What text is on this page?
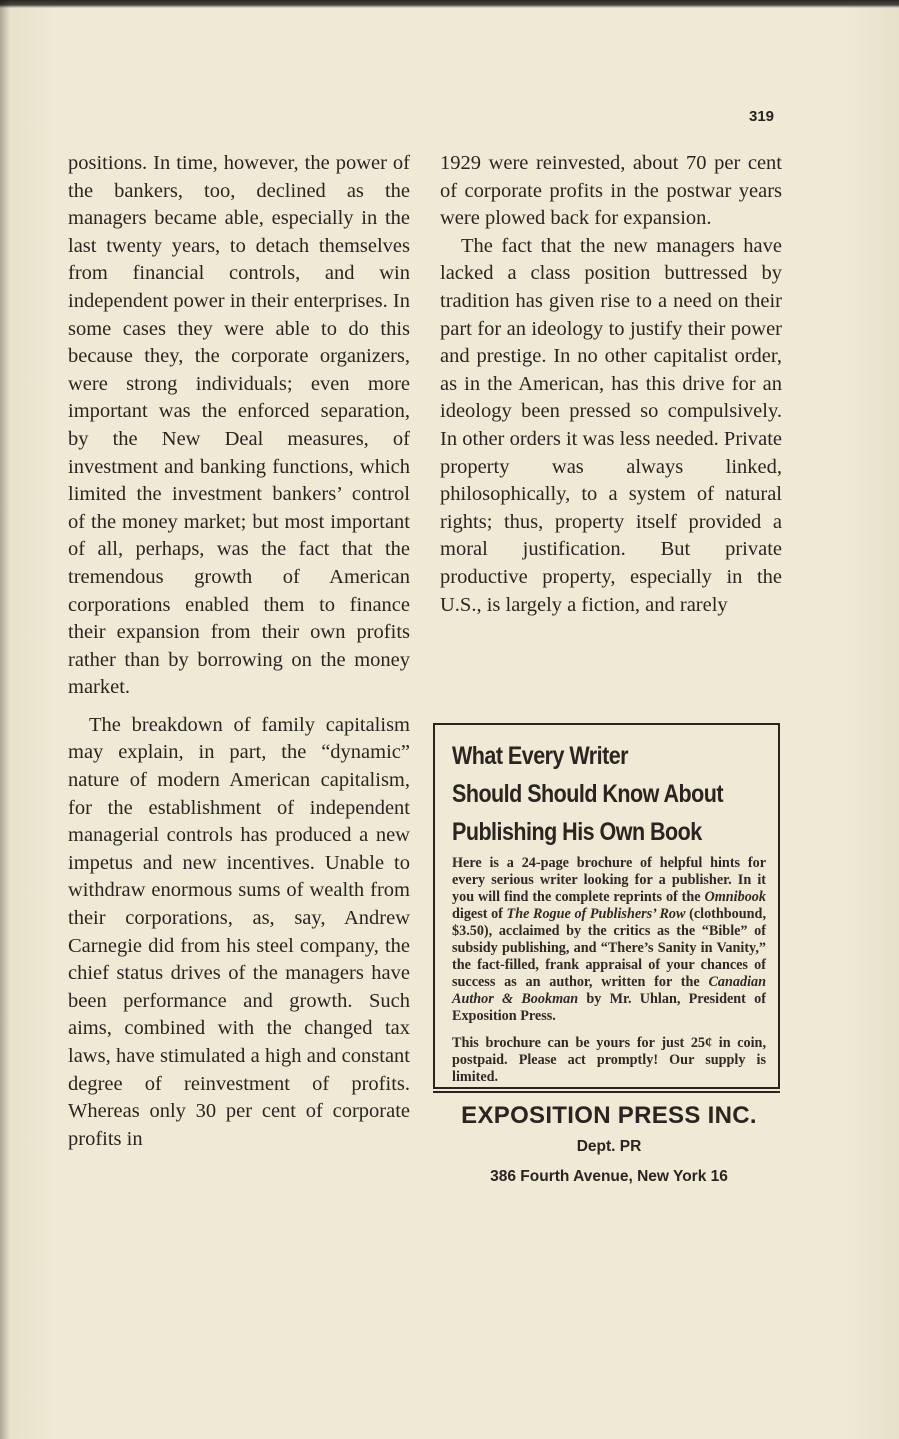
319

positions. In time, however, the power of the bankers, too, declined as the managers became able, especially in the last twenty years, to detach themselves from financial controls, and win independent power in their enterprises. In some cases they were able to do this because they, the corporate organizers, were strong individuals; even more important was the enforced separation, by the New Deal measures, of investment and banking functions, which limited the investment bankers’ control of the money market; but most important of all, perhaps, was the fact that the tremendous growth of American corporations enabled them to finance their expansion from their own profits rather than by borrowing on the money market.

The breakdown of family capitalism may explain, in part, the “dynamic” nature of modern American capitalism, for the establishment of independent managerial controls has produced a new impetus and new incentives. Unable to withdraw enormous sums of wealth from their corporations, as, say, Andrew Carnegie did from his steel company, the chief status drives of the managers have been performance and growth. Such aims, combined with the changed tax laws, have stimulated a high and constant degree of reinvestment of profits. Whereas only 30 per cent of corporate profits in

1929 were reinvested, about 70 per cent of corporate profits in the postwar years were plowed back for expansion.

The fact that the new managers have lacked a class position buttressed by tradition has given rise to a need on their part for an ideology to justify their power and prestige. In no other capitalist order, as in the American, has this drive for an ideology been pressed so compulsively. In other orders it was less needed. Private property was always linked, philosophically, to a system of natural rights; thus, property itself provided a moral justification. But private productive property, especially in the U.S., is largely a fiction, and rarely

What Every Writer

Should Should Know About

Publishing His Own Book

Here is a 24-page brochure of helpful hints for every serious writer looking for a publisher. In it you will find the complete reprints of the Omnibook digest of The Rogue of Publishers’ Row (clothbound, $3.50), acclaimed by the critics as the “Bible” of subsidy publishing, and “There’s Sanity in Vanity,” the fact-filled, frank appraisal of your chances of success as an author, written for the Canadian Author & Bookman by Mr. Uhlan, President of Exposition Press.

This brochure can be yours for just 25¢ in coin, postpaid. Please act promptly! Our supply is limited.

EXPOSITION PRESS INC.

Dept. PR

386 Fourth Avenue, New York 16
